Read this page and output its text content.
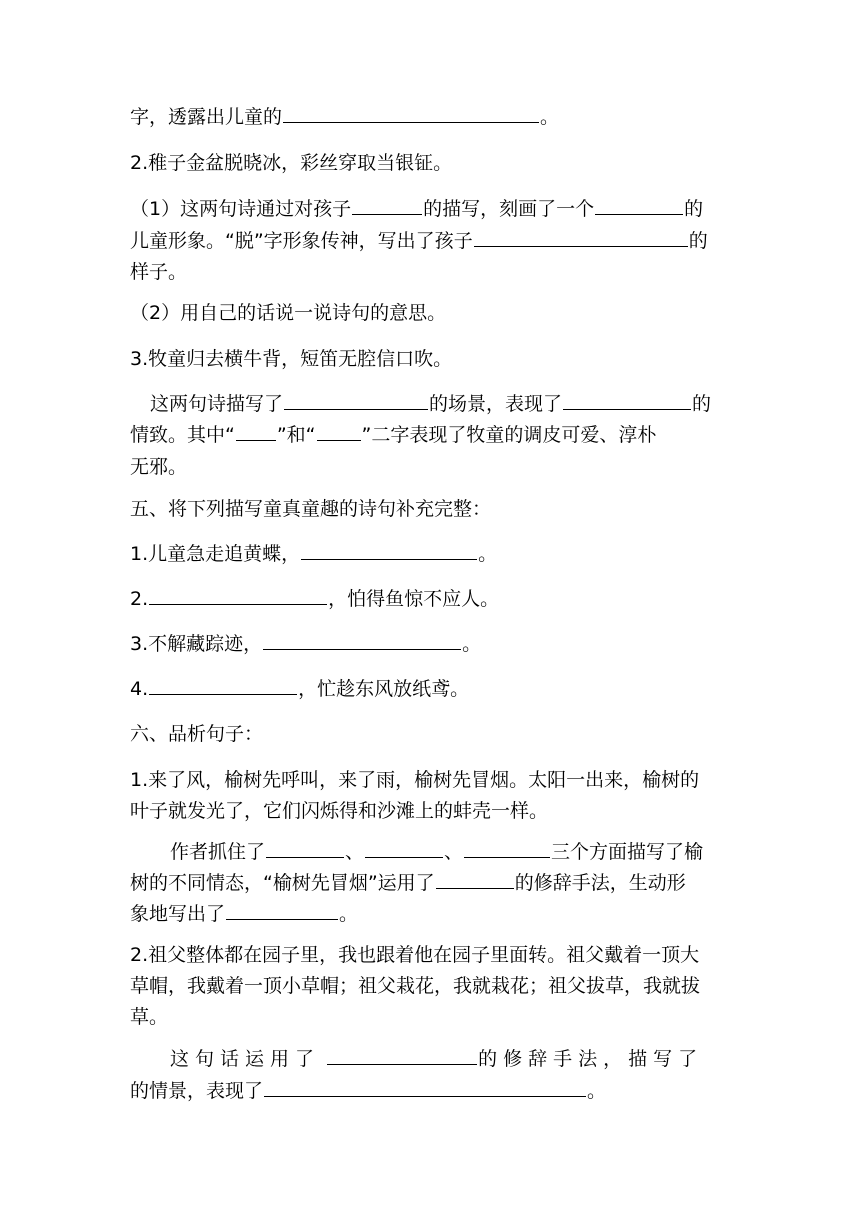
字，透露出儿童的	。
2.稚子金盆脱晓冰，彩丝穿取当银钲。
（1）这两句诗通过对孩子	的描写，刻画了一个	的
儿童形象。“脱”字形象传神，写出了孩子	的
样子。
（2）用自己的话说一说诗句的意思。
3.牧童归去横牛背，短笛无腔信口吹。
这两句诗描写了	的场景，表现了	的
情致。其中“ ”和“ ”二字表现了牧童的调皮可爱、淳朴
无邪。
五、将下列描写童真童趣的诗句补充完整：
1.儿童急走追黄蝶，	。
2.	，怕得鱼惊不应人。
3.不解藏踪迹，	。
4.	，忙趁东风放纸鸢。
六、品析句子：
1.来了风，榆树先呼叫，来了雨，榆树先冒烟。太阳一出来，榆树的
叶子就发光了，它们闪烁得和沙滩上的蚌壳一样。
作者抓住了	、	、	三个方面描写了榆
树的不同情态，“榆树先冒烟”运用了	的修辞手法，生动形
象地写出了	。
2.祖父整体都在园子里，我也跟着他在园子里面转。祖父戴着一顶大
草帽，我戴着一顶小草帽；祖父栽花，我就栽花；祖父拔草，我就拔
草。
这句话运用了	的修辞手法，描写了
的情景，表现了	。
